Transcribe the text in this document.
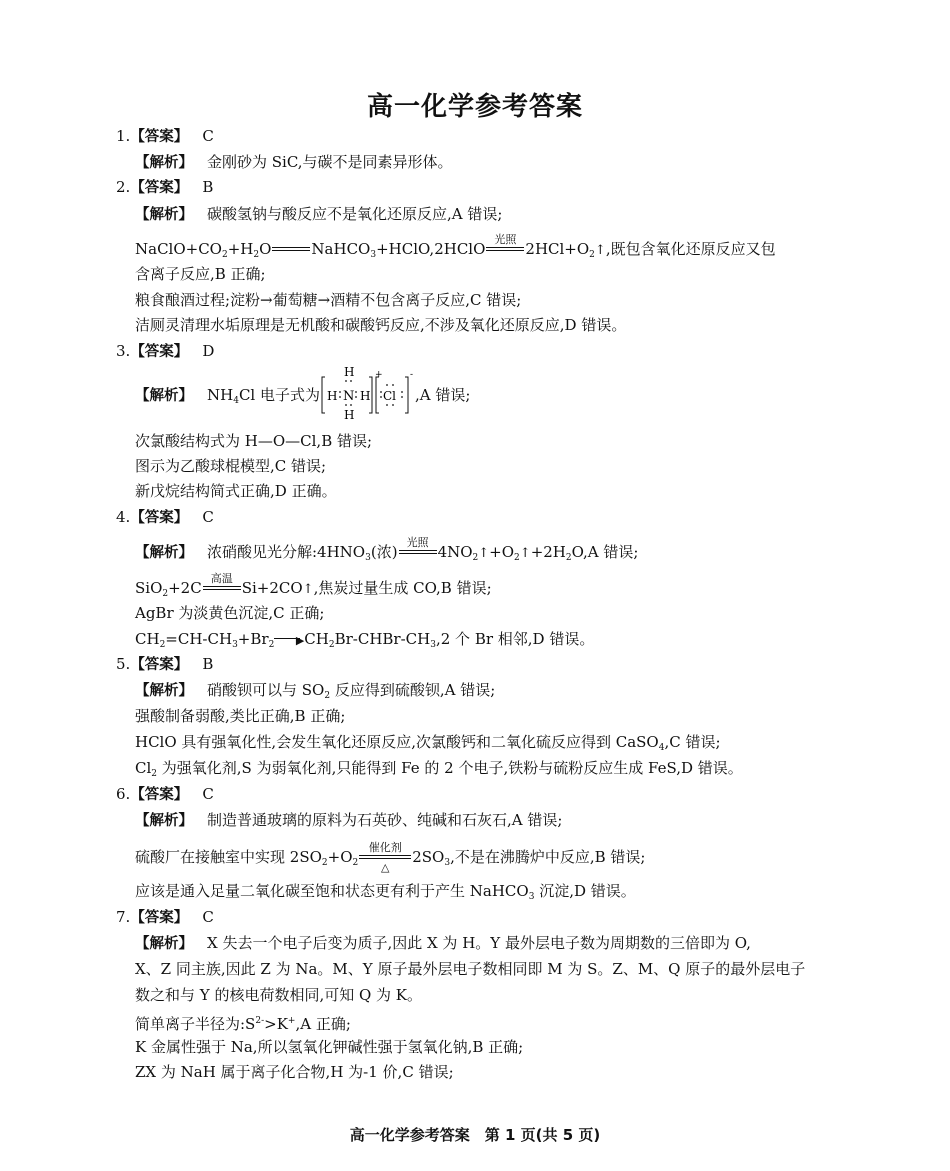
高一化学参考答案
1.【答案】 C
【解析】 金刚砂为 SiC,与碳不是同素异形体。
2.【答案】 B
【解析】 碳酸氢钠与酸反应不是氧化还原反应,A 错误;
$NaClO+CO_2+H_2O$	NaHCO$_3$+HClO,2HClO
光照
$2HCl+O_2↑$,既包含氧化还原反应又包
含离子反应,B 正确;
粮食酿酒过程;淀粉→葡萄糖→酒精不包含离子反应,C 错误;
洁厕灵清理水垢原理是无机酸和碳酸钙反应,不涉及氧化还原反应,D 错误。
3.【答案】 D
【解析】 $NH_4Cl$ 电子式为
+	-
H
H
H H
N Cl ,A 错误;
次氯酸结构式为 H—O—Cl,B 错误;
图示为乙酸球棍模型,C 错误;
新戊烷结构简式正确,D 正确。
4.【答案】 C
【解析】 浓硝酸见光分解$:4HNO_3$(浓)
光照
$4NO_2↑+O_2↑+2H_2O,A$ 错误;
SiO$_2$+2C
高温
Si+2CO↑,焦炭过量生成 CO,B 错误;
AgBr 为淡黄色沉淀,C 正确;
$CH_2=CH-CH_3+Br_2$ ▶ $CH_2Br-CHBr-CH_3,2$ 个 Br 相邻,D 错误。
5.【答案】 B
【解析】 硝酸钡可以与 $SO_2$ 反应得到硫酸钡,A 错误;
强酸制备弱酸,类比正确,B 正确;
HClO 具有强氧化性,会发生氧化还原反应,次氯酸钙和二氧化硫反应得到 CaSO$_4$,C 错误;
$Cl_2$ 为强氧化剂,S 为弱氧化剂,只能得到 Fe 的 2 个电子,铁粉与硫粉反应生成 FeS,D 错误。
6.【答案】 C
【解析】 制造普通玻璃的原料为石英砂、纯碱和石灰石,A 错误;
硫酸厂在接触室中实现 $2SO_2+O_2$
催化剂
△
$2SO_3$,不是在沸腾炉中反应,B 错误;
应该是通入足量二氧化碳至饱和状态更有利于产生 NaHCO$_3$ 沉淀,D 错误。
7.【答案】 C
【解析】 X 失去一个电子后变为质子,因此 X 为 H。Y 最外层电子数为周期数的三倍即为 O,
X、Z 同主族,因此 Z 为 Na。M、Y 原子最外层电子数相同即 M 为 S。Z、M、Q 原子的最外层电子
数之和与 Y 的核电荷数相同,可知 Q 为 K。
简单离子半径为$:S^{2-}>K^+,A$ 正确;
K 金属性强于 Na,所以氢氧化钾碱性强于氢氧化钠,B 正确;
ZX 为 NaH 属于离子化合物,H 为-1 价,C 错误;
高一化学参考答案　第 1 页(共 5 页)
